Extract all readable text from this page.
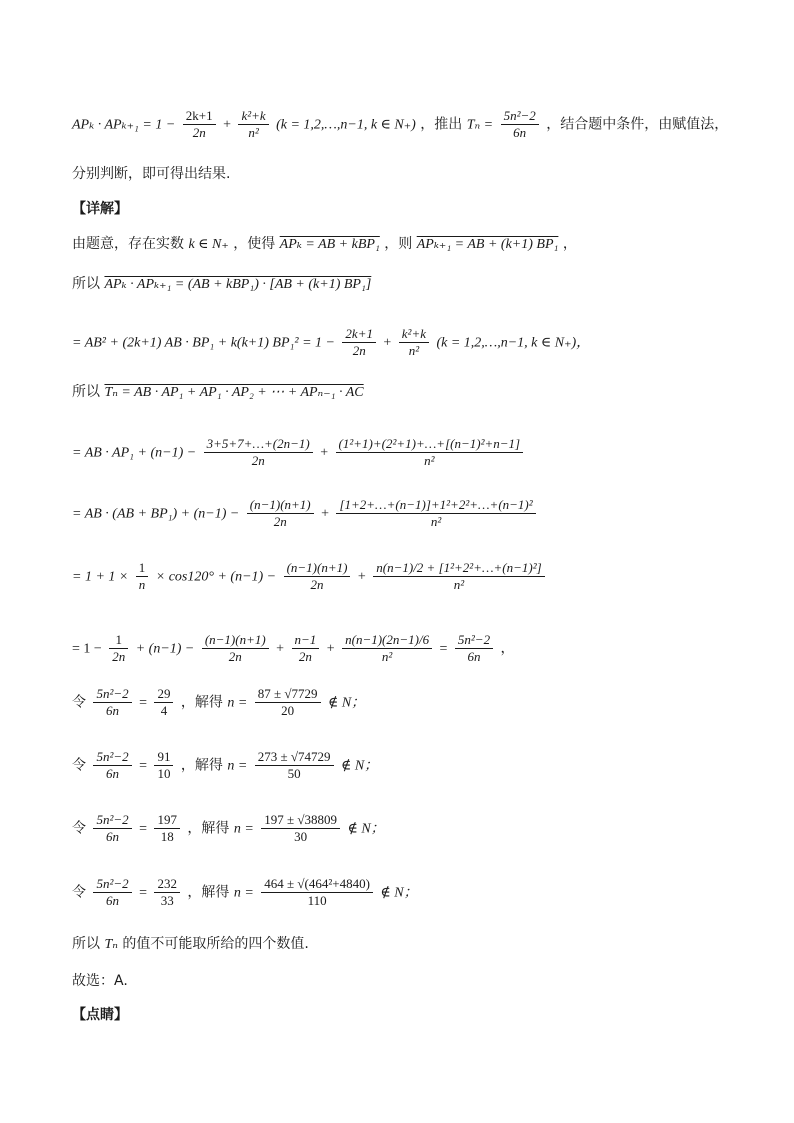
$AP_k \cdot AP_{k+1} = 1 - \frac{2k+1}{2n} + \frac{\text{k²+k}}{\text{n²}} (k$ = 1,2,…,n−1, k ∈ N₊) ，推出 $T_n = \frac{\text{5n²−2}}{6n}$ ，结合题中条件，由赋值法，
分别判断，即可得出结果.
【详解】
由题意，存在实数 k ∈ N₊ ，使得 APₖ = AB + kBP₁ ，则 APₖ₊₁ = AB + (k+1) BP₁ ，
所以 APₖ · APₖ₊₁ = (AB + kBP₁) · [AB + (k+1) BP₁]
= AB² + (2k+1) AB · BP₁ + k(k+1) $BP_1^2 = 1 - \frac{2k+1}{2n} + \frac{\text{k²+k}}{\text{n²}} (k$ = 1,2,…,n−1, k ∈ N₊)，
所以 Tₙ = AB · AP₁ + AP₁ · AP₂ + ⋯ + APₙ₋₁ · AC
= AB · $AP_1 + (n-1) - \frac{3+5+7+\dots+(2n-1)}{2n} + \frac{\text{(1²+1)+(2²+1)+…+[(n−1)²+n−1]}}{\text{n²}}$
= AB · $(AB + BP_1) + (n-1) - \frac{(n-1)(n+1)}{2n} + \frac{\text{[1+2+…+(n−1)]+1²+2²+…+(n−1)²}}{\text{n²}}$
= $1 + 1 \times \frac{1}{n} \times \cos 120^\circ + (n-1) - \frac{(n-1)(n+1)}{2n} + \frac{\text{n(n−1)/2 + [1²+2²+…+(n−1)²]}}{\text{n²}}$
= $1 - \frac{1}{2n} + (n-1) - \frac{(n-1)(n+1)}{2n} + \frac{n-1}{2n} + \frac{n(n-1)(2n-1)/6}{\text{n²}} = \frac{\text{5n²−2}}{6n}$ ，
令 $\frac{\text{5n²−2}}{6n} = \frac{29}{4}$ ，解得 $n = \frac{87 \pm √7729}{20}$ ∉ N；
令 $\frac{\text{5n²−2}}{6n} = \frac{91}{10}$ ，解得 $n = \frac{273 \pm √74729}{50}$ ∉ N；
令 $\frac{\text{5n²−2}}{6n} = \frac{197}{18}$ ，解得 $n = \frac{197 \pm √38809}{30}$ ∉ N；
令 $\frac{\text{5n²−2}}{6n} = \frac{232}{33}$ ，解得 $n = \frac{\text{464 ± √(464²+4840)}}{110}$ ∉ N；
所以 Tₙ 的值不可能取所给的四个数值.
故选：A.
【点睛】
